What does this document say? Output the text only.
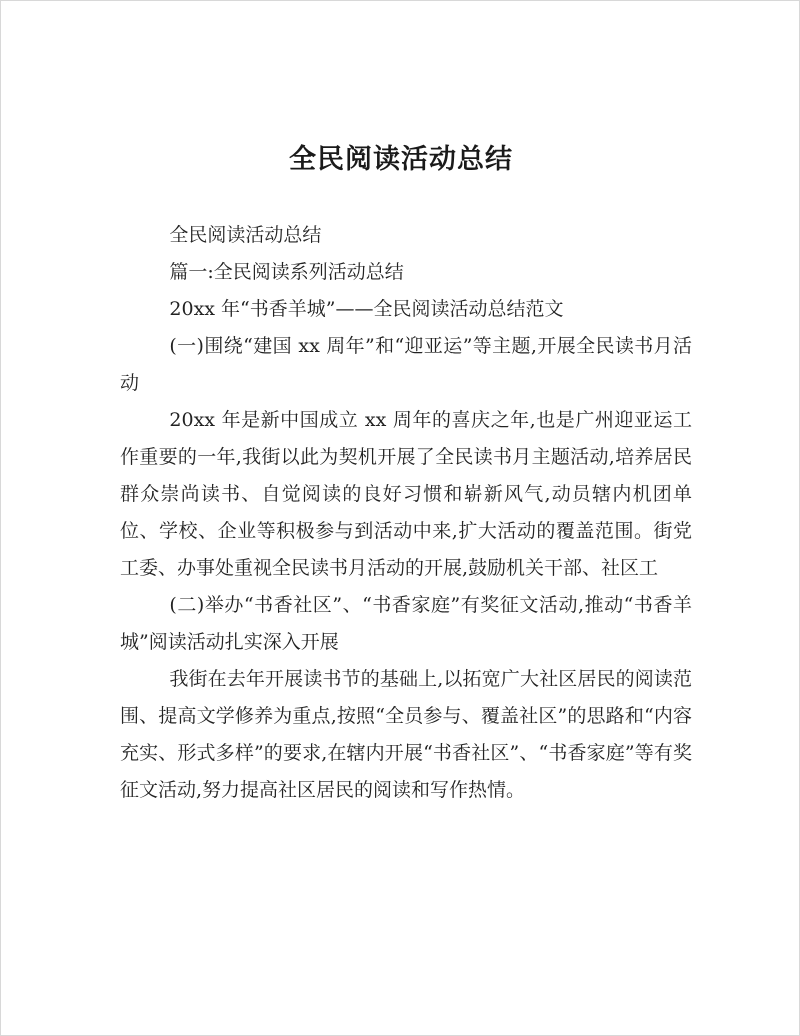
全民阅读活动总结

全民阅读活动总结

篇一:全民阅读系列活动总结

20xx 年“书香羊城”——全民阅读活动总结范文

(一)围绕“建国 xx 周年”和“迎亚运”等主题,开展全民读书月活动

20xx 年是新中国成立 xx 周年的喜庆之年,也是广州迎亚运工作重要的一年,我街以此为契机开展了全民读书月主题活动,培养居民群众崇尚读书、自觉阅读的良好习惯和崭新风气,动员辖内机团单位、学校、企业等积极参与到活动中来,扩大活动的覆盖范围。街党工委、办事处重视全民读书月活动的开展,鼓励机关干部、社区工

(二)举办“书香社区”、“书香家庭”有奖征文活动,推动“书香羊城”阅读活动扎实深入开展

我街在去年开展读书节的基础上,以拓宽广大社区居民的阅读范围、提高文学修养为重点,按照“全员参与、覆盖社区”的思路和“内容充实、形式多样”的要求,在辖内开展“书香社区”、“书香家庭”等有奖征文活动,努力提高社区居民的阅读和写作热情。
